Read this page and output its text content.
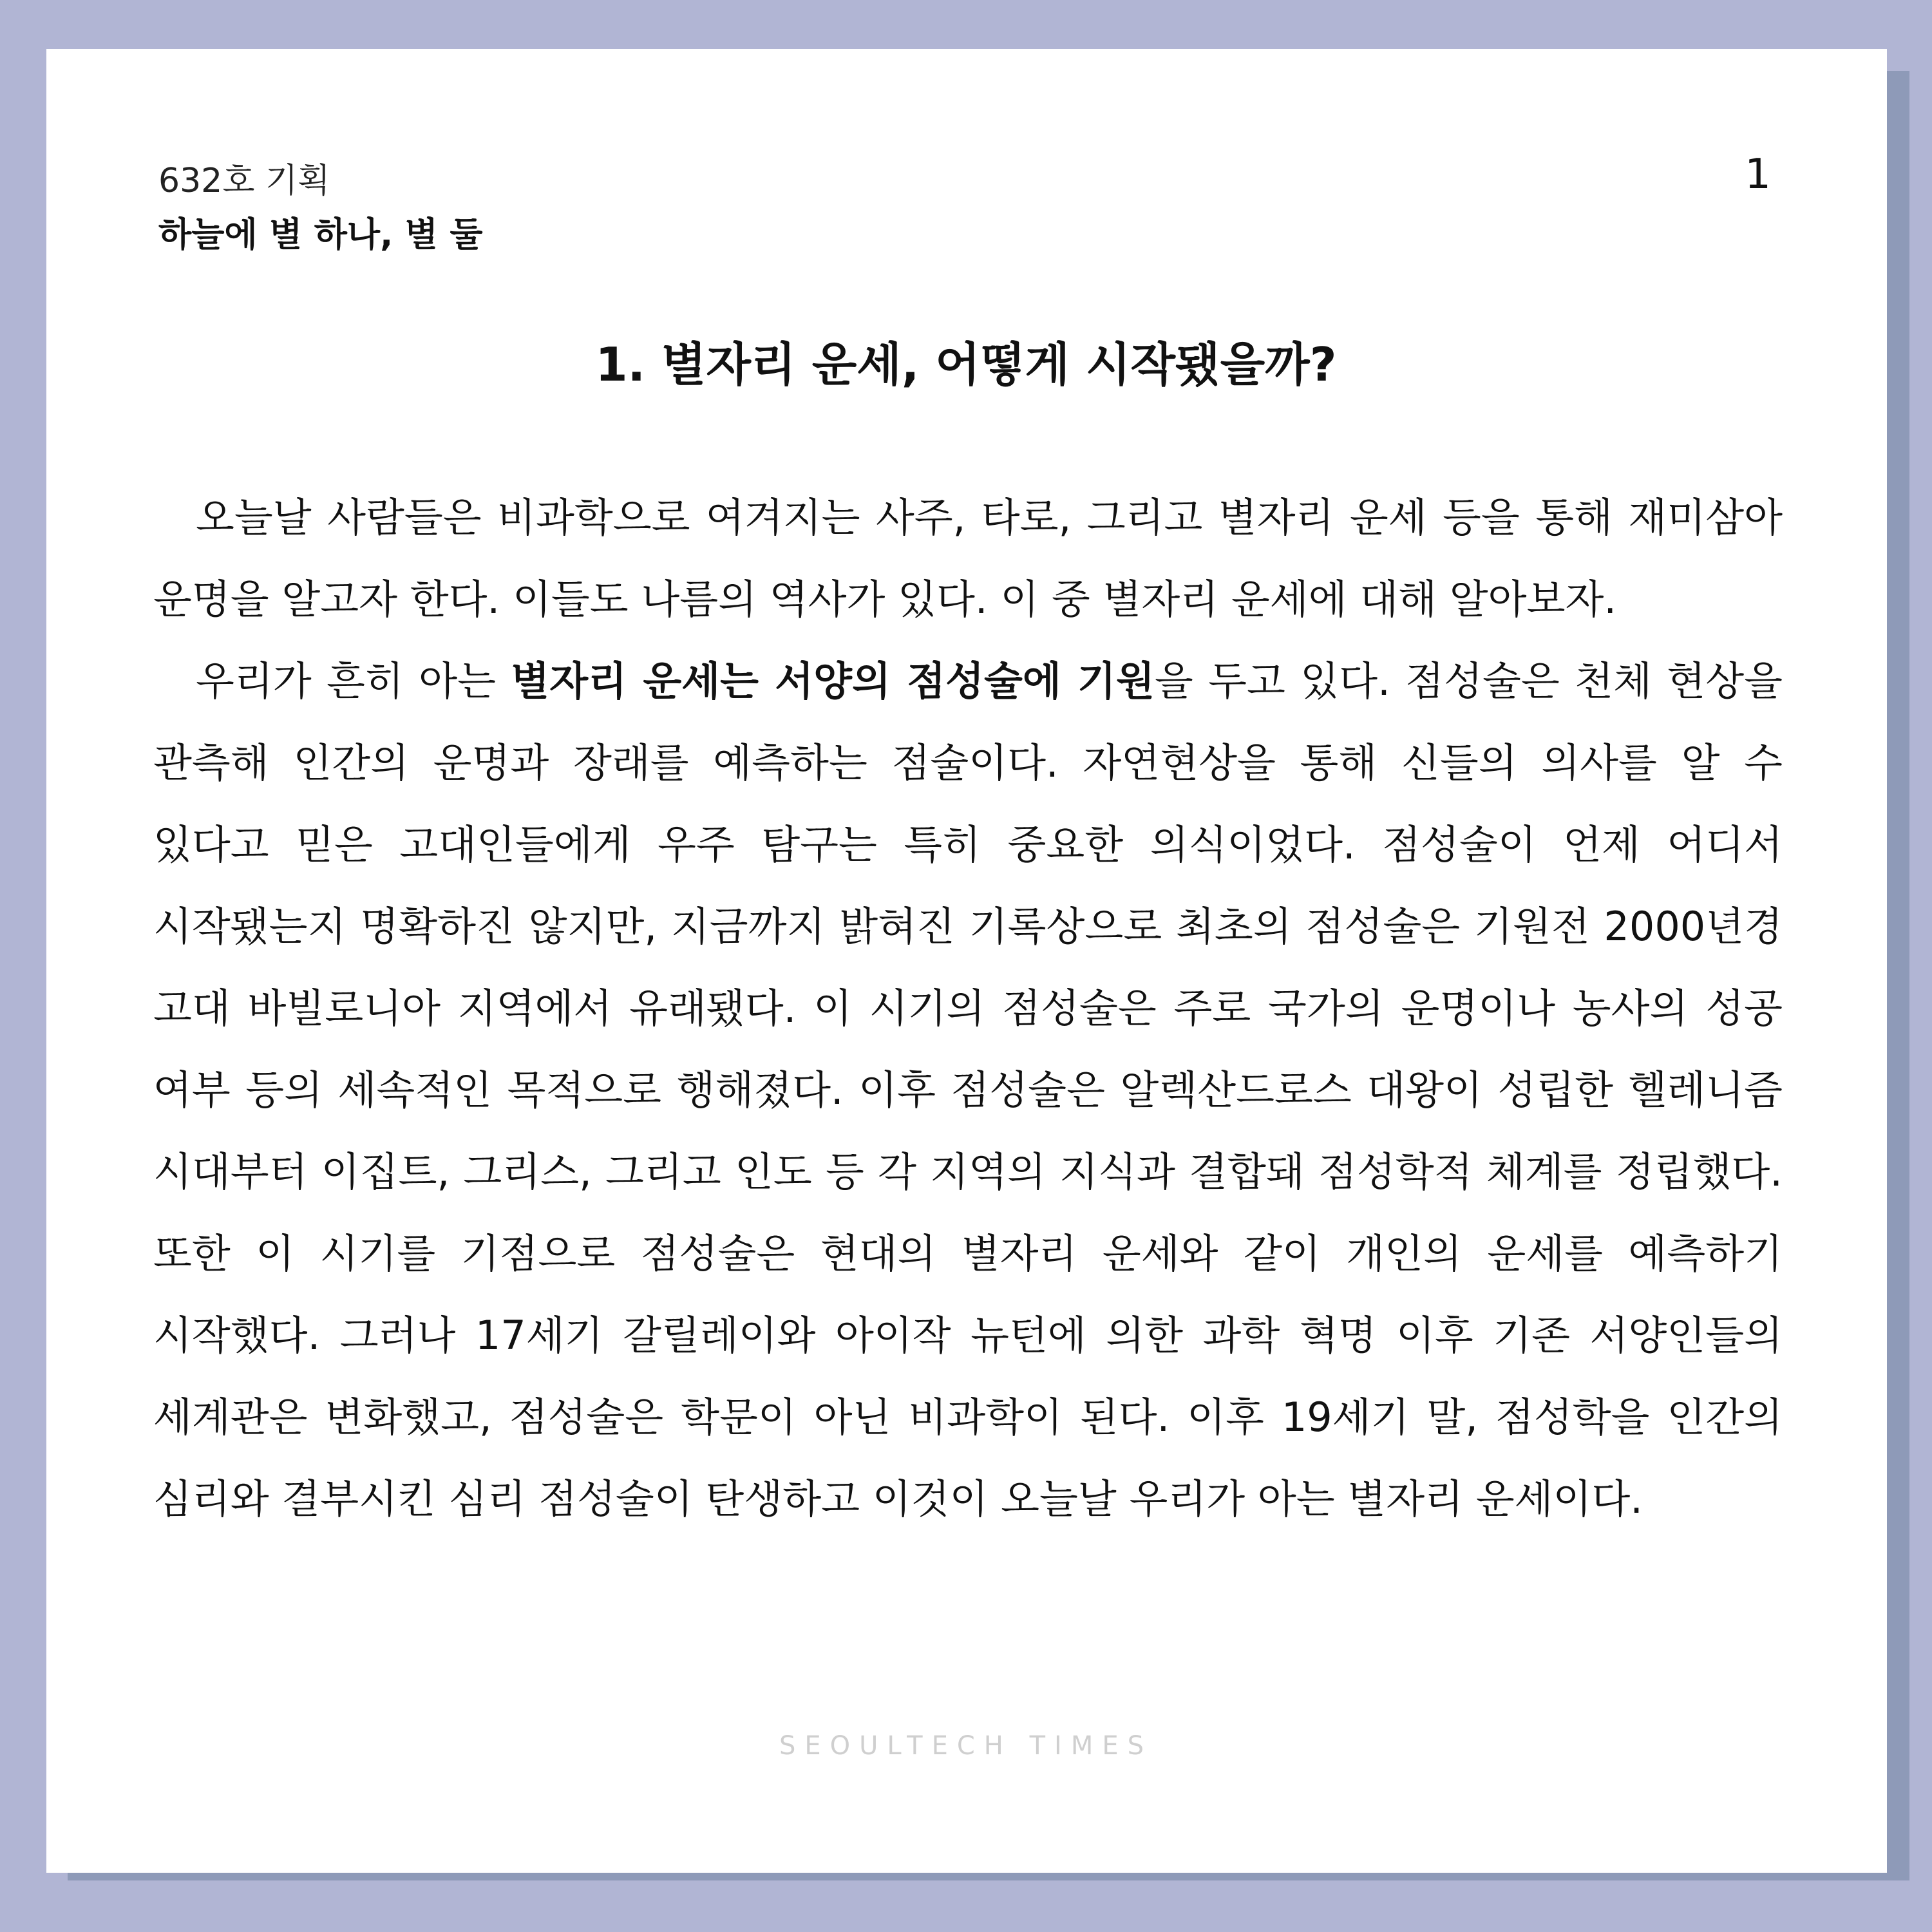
632호 기획
하늘에 별 하나, 별 둘
1
1. 별자리 운세, 어떻게 시작됐을까?

오늘날 사람들은 비과학으로 여겨지는 사주, 타로, 그리고 별자리 운세 등을 통해 재미삼아 운명을 알고자 한다. 이들도 나름의 역사가 있다. 이 중 별자리 운세에 대해 알아보자.

우리가 흔히 아는 별자리 운세는 서양의 점성술에 기원을 두고 있다. 점성술은 천체 현상을 관측해 인간의 운명과 장래를 예측하는 점술이다. 자연현상을 통해 신들의 의사를 알 수 있다고 믿은 고대인들에게 우주 탐구는 특히 중요한 의식이었다. 점성술이 언제 어디서 시작됐는지 명확하진 않지만, 지금까지 밝혀진 기록상으로 최초의 점성술은 기원전 2000년경 고대 바빌로니아 지역에서 유래됐다. 이 시기의 점성술은 주로 국가의 운명이나 농사의 성공 여부 등의 세속적인 목적으로 행해졌다. 이후 점성술은 알렉산드로스 대왕이 성립한 헬레니즘 시대부터 이집트, 그리스, 그리고 인도 등 각 지역의 지식과 결합돼 점성학적 체계를 정립했다. 또한 이 시기를 기점으로 점성술은 현대의 별자리 운세와 같이 개인의 운세를 예측하기 시작했다. 그러나 17세기 갈릴레이와 아이작 뉴턴에 의한 과학 혁명 이후 기존 서양인들의 세계관은 변화했고, 점성술은 학문이 아닌 비과학이 된다. 이후 19세기 말, 점성학을 인간의 심리와 결부시킨 심리 점성술이 탄생하고 이것이 오늘날 우리가 아는 별자리 운세이다.

SEOULTECH TIMES
